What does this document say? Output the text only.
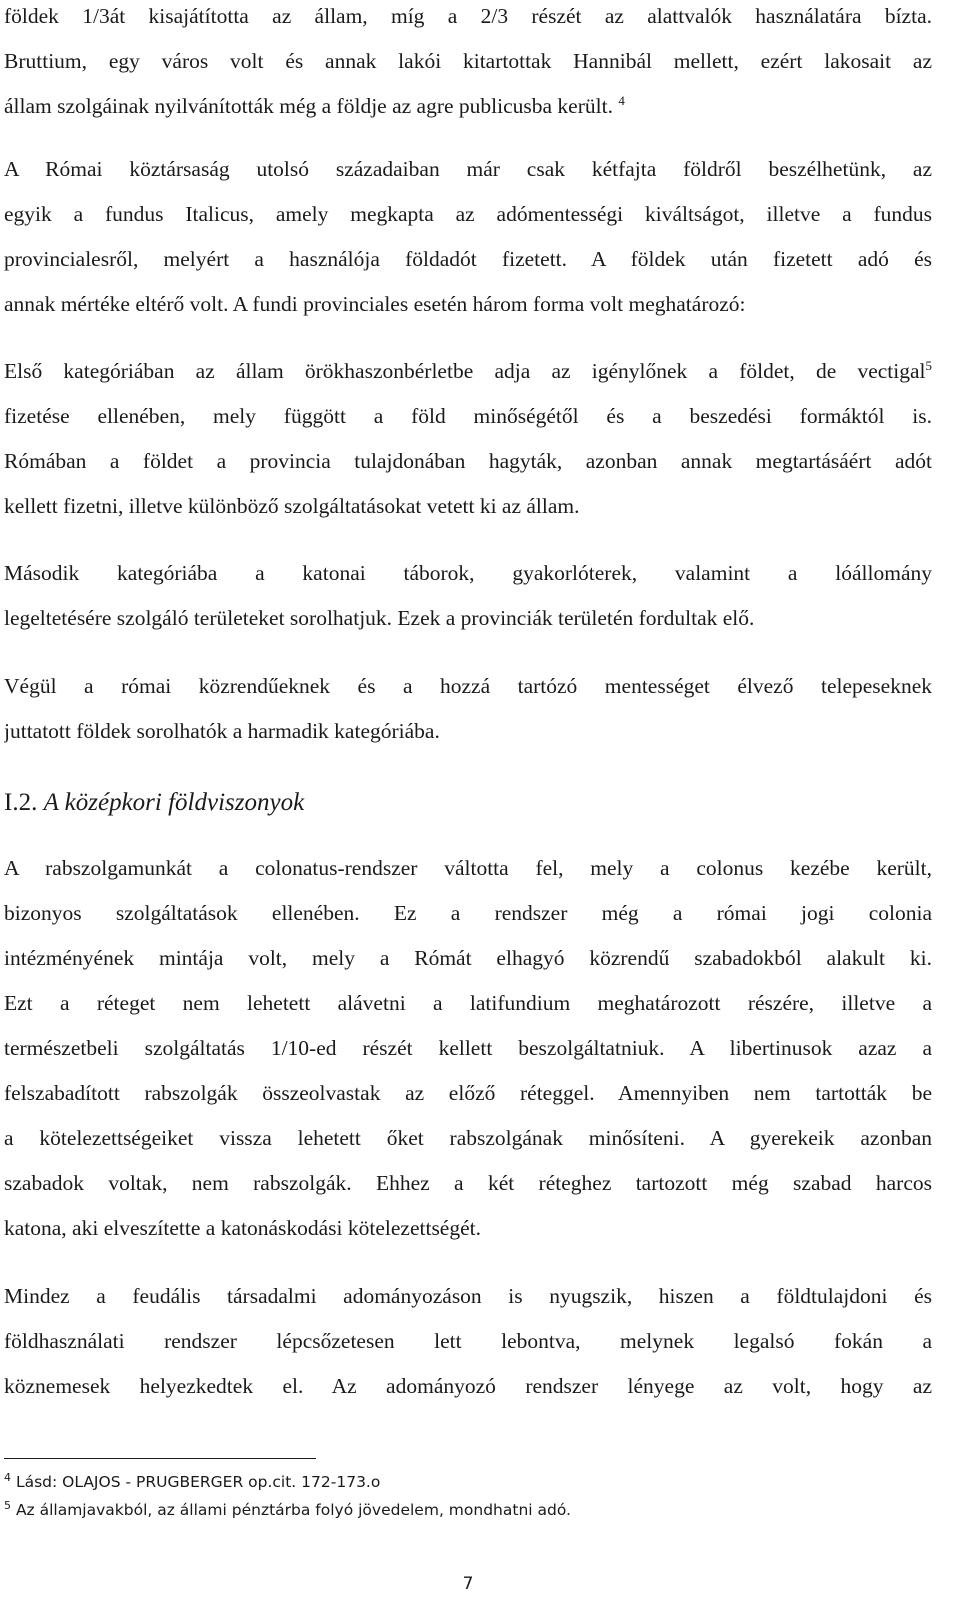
földek 1/3át kisajátította az állam, míg a 2/3 részét az alattvalók használatára bízta.
Bruttium, egy város volt és annak lakói kitartottak Hannibál mellett, ezért lakosait az
állam szolgáinak nyilvánították még a földje az agre publicusba került. $^4$
A Római köztársaság utolsó századaiban már csak kétfajta földről beszélhetünk, az
egyik a fundus Italicus, amely megkapta az adómentességi kiváltságot, illetve a fundus
provincialesről, melyért a használója földadót fizetett. A földek után fizetett adó és
annak mértéke eltérő volt. A fundi provinciales esetén három forma volt meghatározó:
Első kategóriában az állam örökhaszonbérletbe adja az igénylőnek a földet, de vectigal$^5$
fizetése ellenében, mely függött a föld minőségétől és a beszedési formáktól is.
Rómában a földet a provincia tulajdonában hagyták, azonban annak megtartásáért adót
kellett fizetni, illetve különböző szolgáltatásokat vetett ki az állam.
Második kategóriába a katonai táborok, gyakorlóterek, valamint a lóállomány
legeltetésére szolgáló területeket sorolhatjuk. Ezek a provinciák területén fordultak elő.
Végül a római közrendűeknek és a hozzá tartózó mentességet élvező telepeseknek
juttatott földek sorolhatók a harmadik kategóriába.
I.2. A középkori földviszonyok
A rabszolgamunkát a colonatus-rendszer váltotta fel, mely a colonus kezébe került,
bizonyos szolgáltatások ellenében. Ez a rendszer még a római jogi colonia
intézményének mintája volt, mely a Rómát elhagyó közrendű szabadokból alakult ki.
Ezt a réteget nem lehetett alávetni a latifundium meghatározott részére, illetve a
természetbeli szolgáltatás 1/10-ed részét kellett beszolgáltatniuk. A libertinusok azaz a
felszabadított rabszolgák összeolvastak az előző réteggel. Amennyiben nem tartották be
a kötelezettségeiket vissza lehetett őket rabszolgának minősíteni. A gyerekeik azonban
szabadok voltak, nem rabszolgák. Ehhez a két réteghez tartozott még szabad harcos
katona, aki elveszítette a katonáskodási kötelezettségét.
Mindez a feudális társadalmi adományozáson is nyugszik, hiszen a földtulajdoni és
földhasználati rendszer lépcsőzetesen lett lebontva, melynek legalsó fokán a
köznemesek helyezkedtek el. Az adományozó rendszer lényege az volt, hogy az
$^4$ Lásd: OLAJOS - PRUGBERGER op.cit. 172-173.o
$^5$ Az államjavakból, az állami pénztárba folyó jövedelem, mondhatni adó.
7
